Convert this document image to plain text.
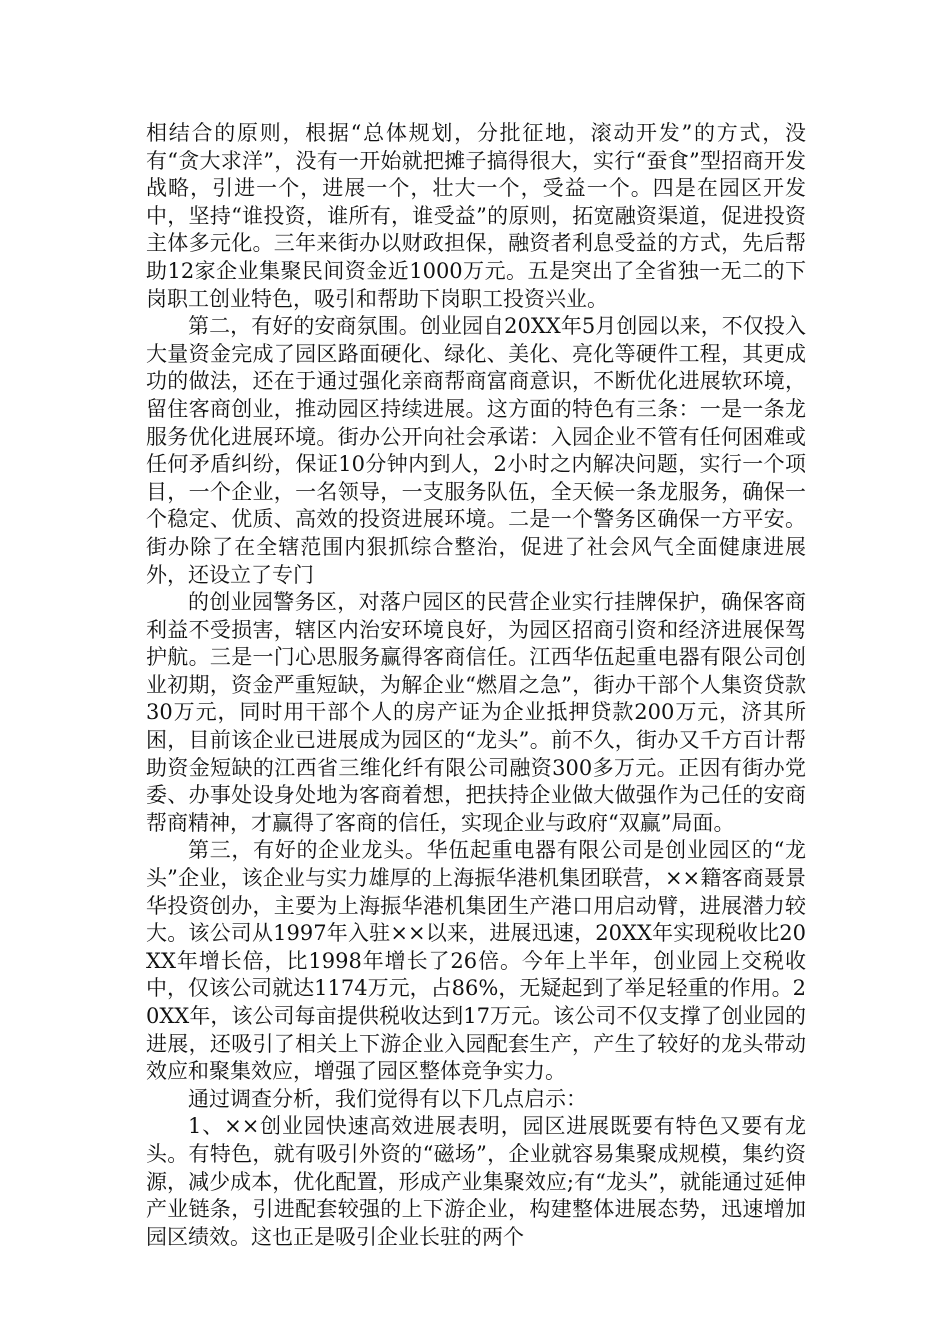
相结合的原则，根据“总体规划，分批征地，滚动开发”的方式，没有“贪大求洋”，没有一开始就把摊子搞得很大，实行“蚕食”型招商开发战略，引进一个，进展一个，壮大一个，受益一个。四是在园区开发中，坚持“谁投资，谁所有，谁受益”的原则，拓宽融资渠道，促进投资主体多元化。三年来街办以财政担保，融资者利息受益的方式，先后帮助12家企业集聚民间资金近1000万元。五是突出了全省独一无二的下岗职工创业特色，吸引和帮助下岗职工投资兴业。

第二，有好的安商氛围。创业园自20XX年5月创园以来，不仅投入大量资金完成了园区路面硬化、绿化、美化、亮化等硬件工程，其更成功的做法，还在于通过强化亲商帮商富商意识，不断优化进展软环境，留住客商创业，推动园区持续进展。这方面的特色有三条：一是一条龙服务优化进展环境。街办公开向社会承诺：入园企业不管有任何困难或任何矛盾纠纷，保证10分钟内到人，2小时之内解决问题，实行一个项目，一个企业，一名领导，一支服务队伍，全天候一条龙服务，确保一个稳定、优质、高效的投资进展环境。二是一个警务区确保一方平安。街办除了在全辖范围内狠抓综合整治，促进了社会风气全面健康进展外，还设立了专门

的创业园警务区，对落户园区的民营企业实行挂牌保护，确保客商利益不受损害，辖区内治安环境良好，为园区招商引资和经济进展保驾护航。三是一门心思服务赢得客商信任。江西华伍起重电器有限公司创业初期，资金严重短缺，为解企业“燃眉之急”，街办干部个人集资贷款30万元，同时用干部个人的房产证为企业抵押贷款200万元，济其所困，目前该企业已进展成为园区的“龙头”。前不久，街办又千方百计帮助资金短缺的江西省三维化纤有限公司融资300多万元。正因有街办党委、办事处设身处地为客商着想，把扶持企业做大做强作为己任的安商帮商精神，才赢得了客商的信任，实现企业与政府“双赢”局面。

第三，有好的企业龙头。华伍起重电器有限公司是创业园区的“龙头”企业，该企业与实力雄厚的上海振华港机集团联营，××籍客商聂景华投资创办，主要为上海振华港机集团生产港口用启动臂，进展潜力较大。该公司从1997年入驻××以来，进展迅速，20XX年实现税收比20XX年增长倍，比1998年增长了26倍。今年上半年，创业园上交税收中，仅该公司就达1174万元，占86%，无疑起到了举足轻重的作用。20XX年，该公司每亩提供税收达到17万元。该公司不仅支撑了创业园的进展，还吸引了相关上下游企业入园配套生产，产生了较好的龙头带动效应和聚集效应，增强了园区整体竞争实力。

通过调查分析，我们觉得有以下几点启示：

1、××创业园快速高效进展表明，园区进展既要有特色又要有龙头。有特色，就有吸引外资的“磁场”，企业就容易集聚成规模，集约资源，减少成本，优化配置，形成产业集聚效应;有“龙头”，就能通过延伸产业链条，引进配套较强的上下游企业，构建整体进展态势，迅速增加园区绩效。这也正是吸引企业长驻的两个
